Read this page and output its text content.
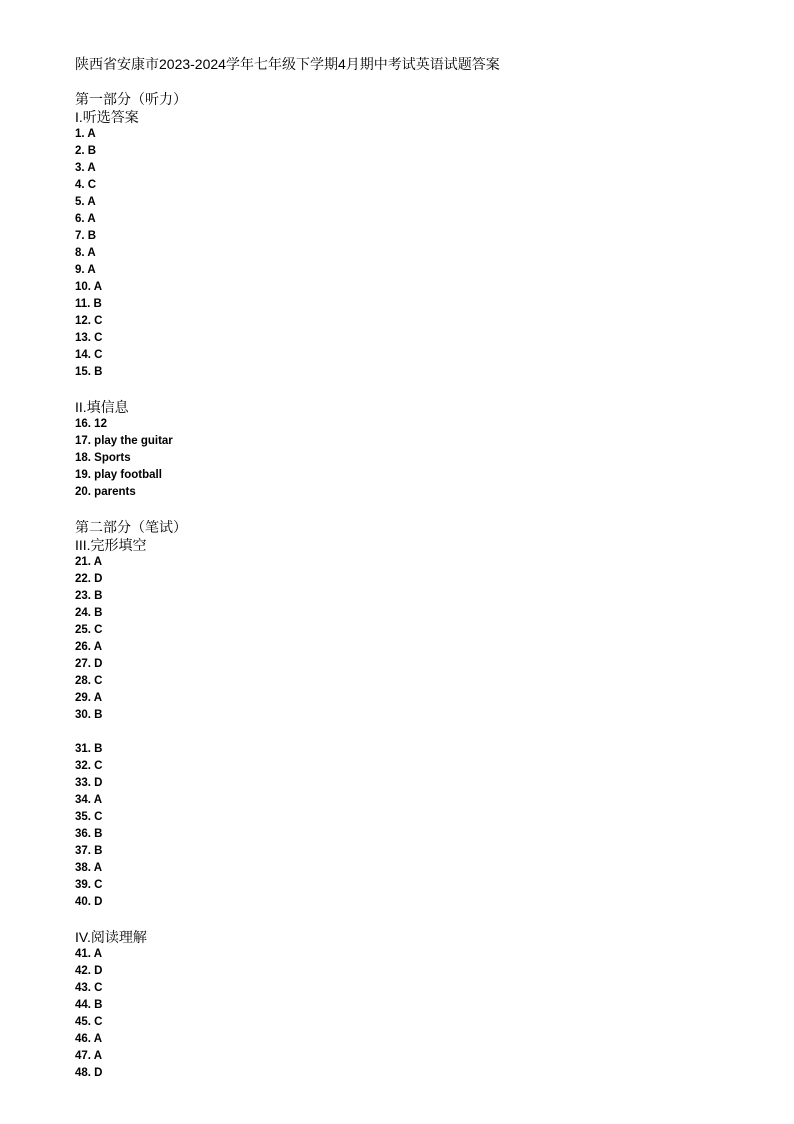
陕西省安康市2023-2024学年七年级下学期4月期中考试英语试题答案
第一部分（听力）
I.听选答案
1. A
2. B
3. A
4. C
5. A
6. A
7. B
8. A
9. A
10. A
11. B
12. C
13. C
14. C
15. B
II.填信息
16. 12
17. play the guitar
18. Sports
19. play football
20. parents
第二部分（笔试）
III.完形填空
21. A
22. D
23. B
24. B
25. C
26. A
27. D
28. C
29. A
30. B
31. B
32. C
33. D
34. A
35. C
36. B
37. B
38. A
39. C
40. D
IV.阅读理解
41. A
42. D
43. C
44. B
45. C
46. A
47. A
48. D
